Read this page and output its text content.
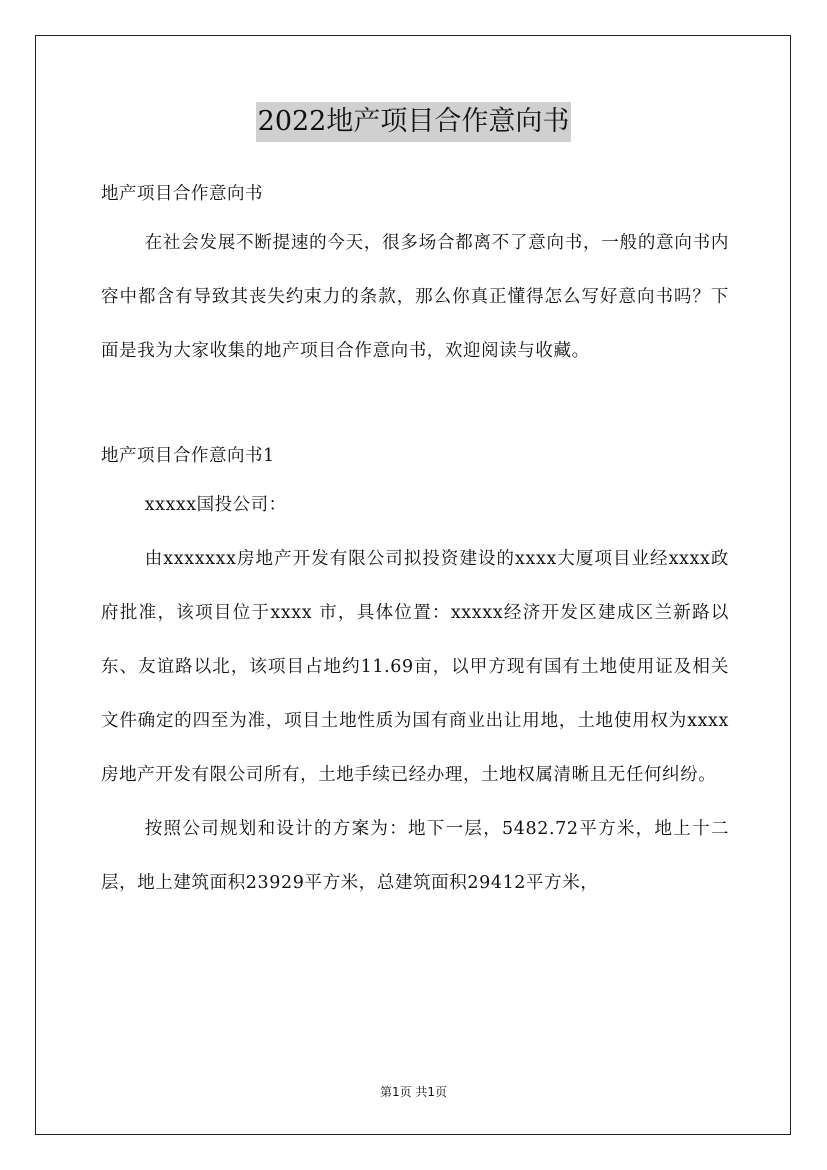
2022地产项目合作意向书
地产项目合作意向书
在社会发展不断提速的今天，很多场合都离不了意向书，一般的意向书内容中都含有导致其丧失约束力的条款，那么你真正懂得怎么写好意向书吗？下面是我为大家收集的地产项目合作意向书，欢迎阅读与收藏。
地产项目合作意向书1
xxxxx国投公司：
由xxxxxxx房地产开发有限公司拟投资建设的xxxx大厦项目业经xxxx政府批准，该项目位于xxxx 市，具体位置：xxxxx经济开发区建成区兰新路以东、友谊路以北，该项目占地约11.69亩，以甲方现有国有土地使用证及相关文件确定的四至为准，项目土地性质为国有商业出让用地，土地使用权为xxxx房地产开发有限公司所有，土地手续已经办理，土地权属清晰且无任何纠纷。
按照公司规划和设计的方案为：地下一层，5482.72平方米，地上十二层，地上建筑面积23929平方米，总建筑面积29412平方米，
第1页 共1页
